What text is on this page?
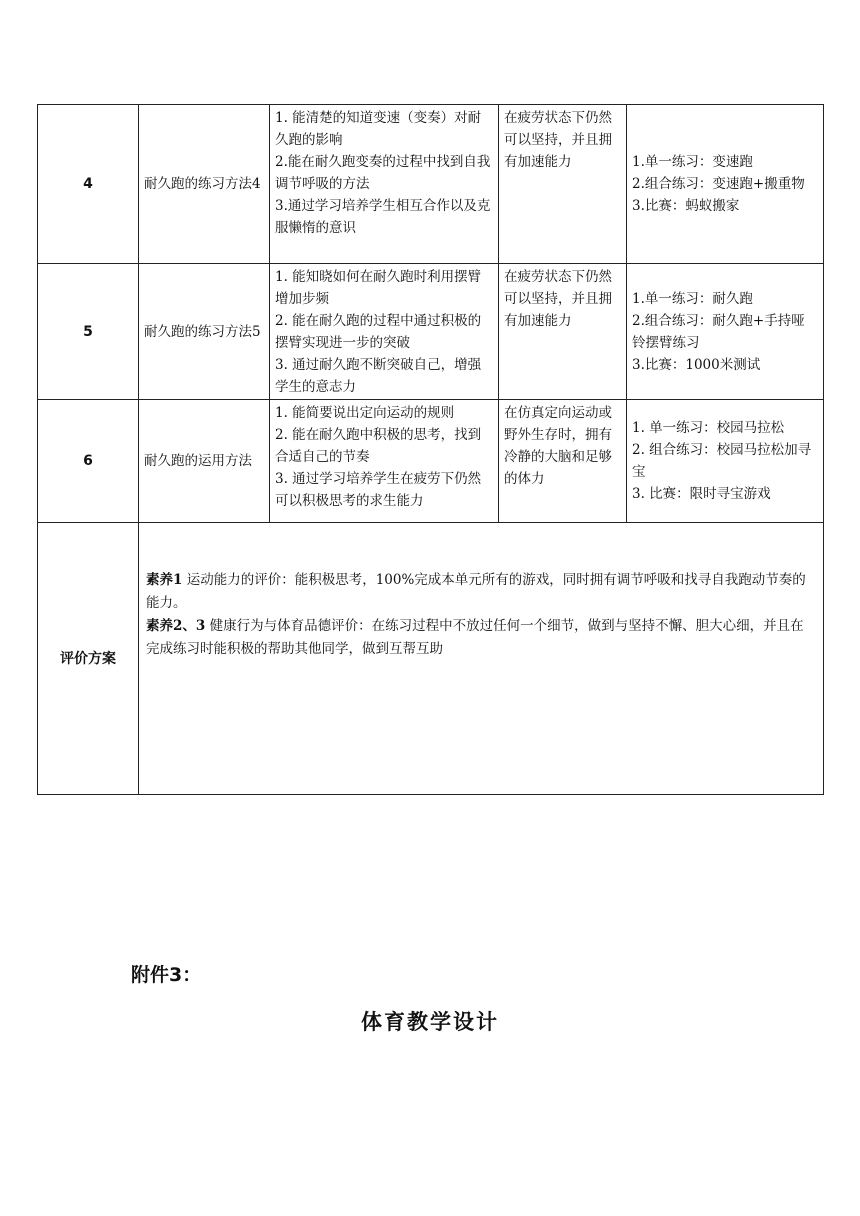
4	耐久跑的练习方法4	1. 能清楚的知道变速（变奏）对耐久跑的影响
2.能在耐久跑变奏的过程中找到自我调节呼吸的方法
3.通过学习培养学生相互合作以及克服懒惰的意识	在疲劳状态下仍然可以坚持，并且拥有加速能力	1.单一练习：变速跑
2.组合练习：变速跑+搬重物
3.比赛：蚂蚁搬家

5	耐久跑的练习方法5	1. 能知晓如何在耐久跑时利用摆臂增加步频
2. 能在耐久跑的过程中通过积极的摆臂实现进一步的突破
3. 通过耐久跑不断突破自己，增强学生的意志力	在疲劳状态下仍然可以坚持，并且拥有加速能力	1.单一练习：耐久跑
2.组合练习：耐久跑+手持哑铃摆臂练习
3.比赛：1000米测试

6	耐久跑的运用方法	1. 能简要说出定向运动的规则
2. 能在耐久跑中积极的思考，找到合适自己的节奏
3. 通过学习培养学生在疲劳下仍然可以积极思考的求生能力	在仿真定向运动或野外生存时，拥有冷静的大脑和足够的体力	1. 单一练习：校园马拉松
2. 组合练习：校园马拉松加寻宝
3. 比赛：限时寻宝游戏

评价方案	素养1 运动能力的评价：能积极思考，100%完成本单元所有的游戏，同时拥有调节呼吸和找寻自我跑动节奏的能力。
素养2、3 健康行为与体育品德评价：在练习过程中不放过任何一个细节，做到与坚持不懈、胆大心细，并且在完成练习时能积极的帮助其他同学，做到互帮互助			
附件3：
体育教学设计
